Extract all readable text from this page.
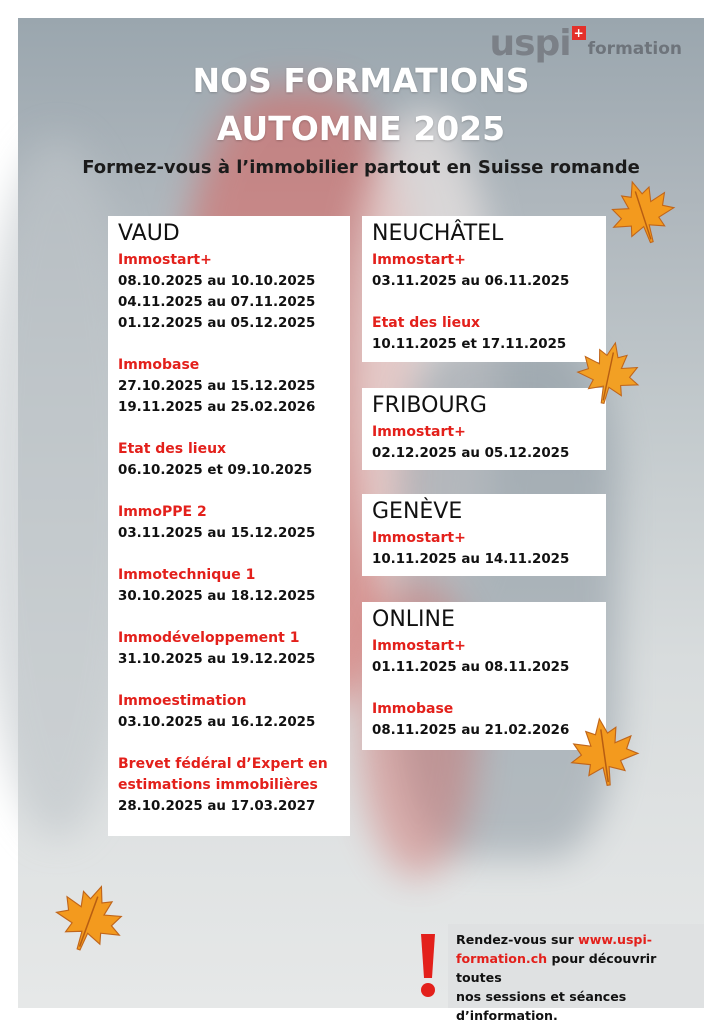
uspi +
formation
NOS FORMATIONS
AUTOMNE 2025
Formez-vous à l’immobilier partout en Suisse romande
VAUD
Immostart+
08.10.2025 au 10.10.2025
04.11.2025 au 07.11.2025
01.12.2025 au 05.12.2025
Immobase
27.10.2025 au 15.12.2025
19.11.2025 au 25.02.2026
Etat des lieux
06.10.2025 et 09.10.2025
ImmoPPE 2
03.11.2025 au 15.12.2025
Immotechnique 1
30.10.2025 au 18.12.2025
Immodéveloppement 1
31.10.2025 au 19.12.2025
Immoestimation
03.10.2025 au 16.12.2025
Brevet fédéral d’Expert en
estimations immobilières
28.10.2025 au 17.03.2027
NEUCHÂTEL
Immostart+
03.11.2025 au 06.11.2025
Etat des lieux
10.11.2025 et 17.11.2025
FRIBOURG
Immostart+
02.12.2025 au 05.12.2025
GENÈVE
Immostart+
10.11.2025 au 14.11.2025
ONLINE
Immostart+
01.11.2025 au 08.11.2025
Immobase
08.11.2025 au 21.02.2026
Rendez-vous sur www.uspi-
formation.ch pour découvrir toutes
nos sessions et séances
d’information.
